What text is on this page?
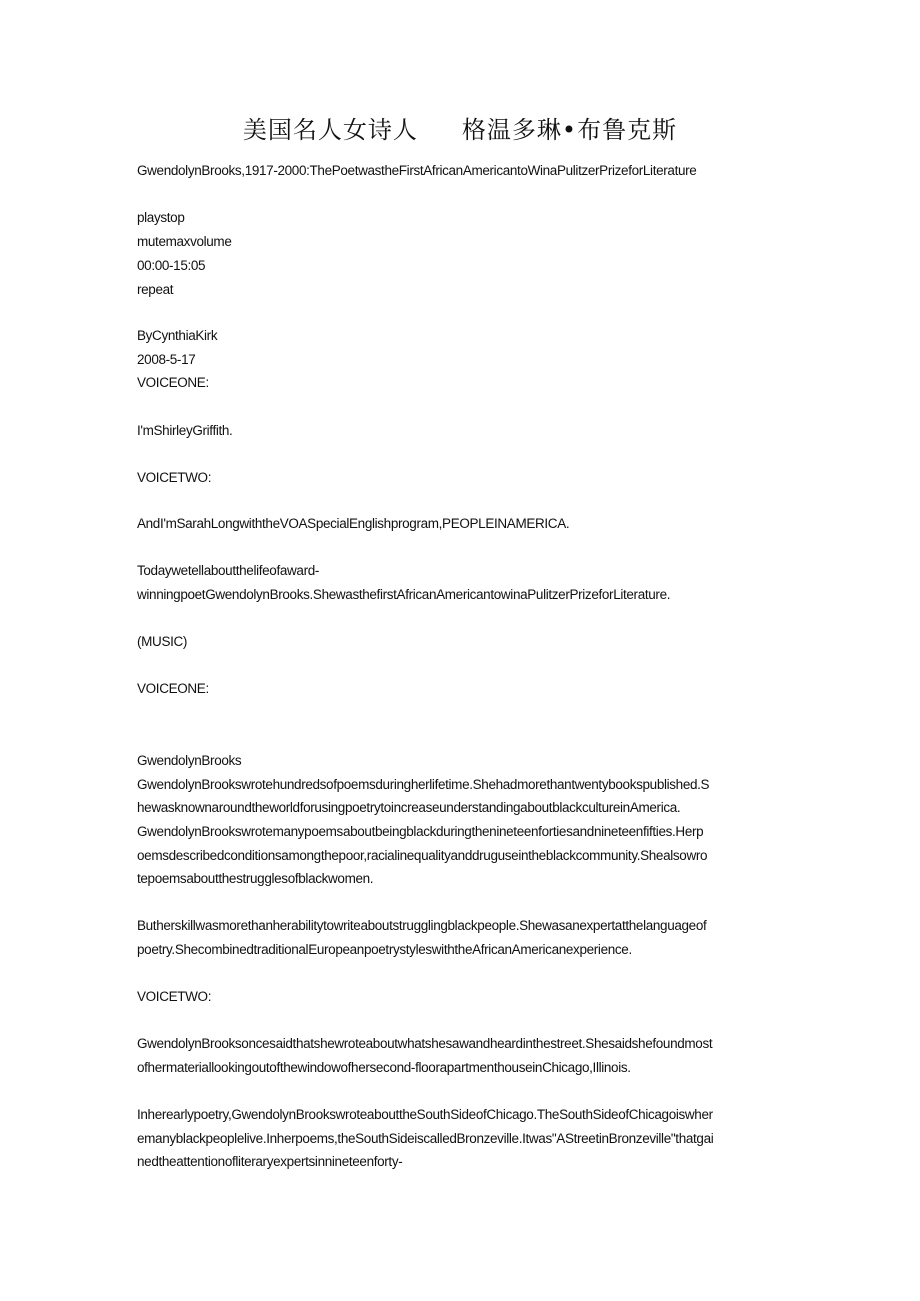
美国名人女诗人 格温多琳•布鲁克斯
GwendolynBrooks,1917-2000:ThePoetwastheFirstAfricanAmericantoWinaPulitzerPrizeforLiterature
playstop
mutemaxvolume
00:00-15:05
repeat
ByCynthiaKirk
2008-5-17
VOICEONE:
I'mShirleyGriffith.
VOICETWO:
AndI'mSarahLongwiththeVOASpecialEnglishprogram,PEOPLEINAMERICA.
Todaywetellaboutthelifeofaward-
winningpoetGwendolynBrooks.ShewasthefirstAfricanAmericantowinaPulitzerPrizeforLiterature.
(MUSIC)
VOICEONE:
GwendolynBrooks
GwendolynBrookswrotehundredsofpoemsduringherlifetime.Shehadmorethantwentybookspublished.S
hewasknownaroundtheworldforusingpoetrytoincreaseunderstandingaboutblackcultureinAmerica.
GwendolynBrookswrotemanypoemsaboutbeingblackduringthenineteenfortiesandnineteenfifties.Herp
oemsdescribedconditionsamongthepoor,racialinequalityanddruguseintheblackcommunity.Shealsowro
tepoemsaboutthestrugglesofblackwomen.
Butherskillwasmorethanherabilitytowriteaboutstrugglingblackpeople.Shewasanexpertatthelanguageof
poetry.ShecombinedtraditionalEuropeanpoetrystyleswiththeAfricanAmericanexperience.
VOICETWO:
GwendolynBrooksoncesaidthatshewroteaboutwhatshesawandheardinthestreet.Shesaidshefoundmost
ofhermateriallookingoutofthewindowofhersecond-floorapartmenthouseinChicago,Illinois.
Inherearlypoetry,GwendolynBrookswroteabouttheSouthSideofChicago.TheSouthSideofChicagoiswher
emanyblackpeoplelive.Inherpoems,theSouthSideiscalledBronzeville.Itwas"AStreetinBronzeville"thatgai
nedtheattentionofliteraryexpertsinnineteenforty-
